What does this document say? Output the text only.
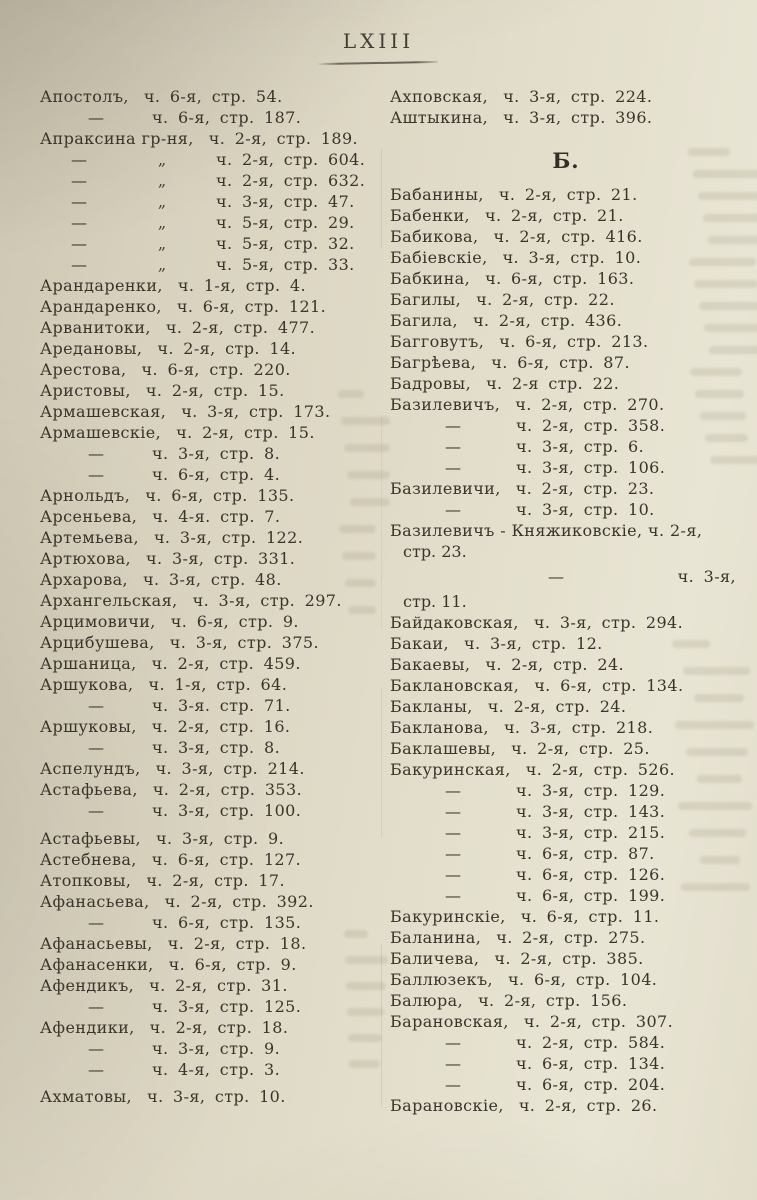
LXIII
Апостолъ, ч. 6-я, стр. 54.
—	ч. 6-я, стр. 187.
Апраксина гр-ня, ч. 2-я, стр. 189.
—	„	ч. 2-я, стр. 604.
—	„	ч. 2-я, стр. 632.
—	„	ч. 3-я, стр. 47.
—	„	ч. 5-я, стр. 29.
—	„	ч. 5-я, стр. 32.
—	„	ч. 5-я, стр. 33.
Арандаренки, ч. 1-я, стр. 4.
Арандаренко, ч. 6-я, стр. 121.
Арванитоки, ч. 2-я, стр. 477.
Аредановы, ч. 2-я, стр. 14.
Арестова, ч. 6-я, стр. 220.
Аристовы, ч. 2-я, стр. 15.
Армашевская, ч. 3-я, стр. 173.
Армашевскіе, ч. 2-я, стр. 15.
—	ч. 3-я, стр. 8.
—	ч. 6-я, стр. 4.
Арнольдъ, ч. 6-я, стр. 135.
Арсеньева, ч. 4-я. стр. 7.
Артемьева, ч. 3-я, стр. 122.
Артюхова, ч. 3-я, стр. 331.
Архарова, ч. 3-я, стр. 48.
Архангельская, ч. 3-я, стр. 297.
Арцимовичи, ч. 6-я, стр. 9.
Арцибушева, ч. 3-я, стр. 375.
Аршаница, ч. 2-я, стр. 459.
Аршукова, ч. 1-я, стр. 64.
—	ч. 3-я. стр. 71.
Аршуковы, ч. 2-я, стр. 16.
—	ч. 3-я, стр. 8.
Аспелундъ, ч. 3-я, стр. 214.
Астафьева, ч. 2-я, стр. 353.
—	ч. 3-я, стр. 100.
Астафьевы, ч. 3-я, стр. 9.
Астебнева, ч. 6-я, стр. 127.
Атопковы, ч. 2-я, стр. 17.
Афанасьева, ч. 2-я, стр. 392.
—	ч. 6-я, стр. 135.
Афанасьевы, ч. 2-я, стр. 18.
Афанасенки, ч. 6-я, стр. 9.
Афендикъ, ч. 2-я, стр. 31.
—	ч. 3-я, стр. 125.
Афендики, ч. 2-я, стр. 18.
—	ч. 3-я, стр. 9.
—	ч. 4-я, стр. 3.
Ахматовы, ч. 3-я, стр. 10.
Ахповская, ч. 3-я, стр. 224.
Аштыкина, ч. 3-я, стр. 396.
Б.
Бабанины, ч. 2-я, стр. 21.
Бабенки, ч. 2-я, стр. 21.
Бабикова, ч. 2-я, стр. 416.
Бабіевскіе, ч. 3-я, стр. 10.
Бабкина, ч. 6-я, стр. 163.
Багилы, ч. 2-я, стр. 22.
Багила, ч. 2-я, стр. 436.
Багговутъ, ч. 6-я, стр. 213.
Багрѣева, ч. 6-я, стр. 87.
Бадровы, ч. 2-я стр. 22.
Базилевичъ, ч. 2-я, стр. 270.
—	ч. 2-я, стр. 358.
—	ч. 3-я, стр. 6.
—	ч. 3-я, стр. 106.
Базилевичи, ч. 2-я, стр. 23.
—	ч. 3-я, стр. 10.
Базилевичъ - Княжиковскіе, ч. 2-я,
стр. 23.
—	ч. 3-я,
стр. 11.
Байдаковская, ч. 3-я, стр. 294.
Бакаи, ч. 3-я, стр. 12.
Бакаевы, ч. 2-я, стр. 24.
Баклановская, ч. 6-я, стр. 134.
Бакланы, ч. 2-я, стр. 24.
Бакланова, ч. 3-я, стр. 218.
Баклашевы, ч. 2-я, стр. 25.
Бакуринская, ч. 2-я, стр. 526.
—	ч. 3-я, стр. 129.
—	ч. 3-я, стр. 143.
—	ч. 3-я, стр. 215.
—	ч. 6-я, стр. 87.
—	ч. 6-я, стр. 126.
—	ч. 6-я, стр. 199.
Бакуринскіе, ч. 6-я, стр. 11.
Баланина, ч. 2-я, стр. 275.
Баличева, ч. 2-я, стр. 385.
Баллюзекъ, ч. 6-я, стр. 104.
Балюра, ч. 2-я, стр. 156.
Барановская, ч. 2-я, стр. 307.
—	ч. 2-я, стр. 584.
—	ч. 6-я, стр. 134.
—	ч. 6-я, стр. 204.
Барановскіе, ч. 2-я, стр. 26.
